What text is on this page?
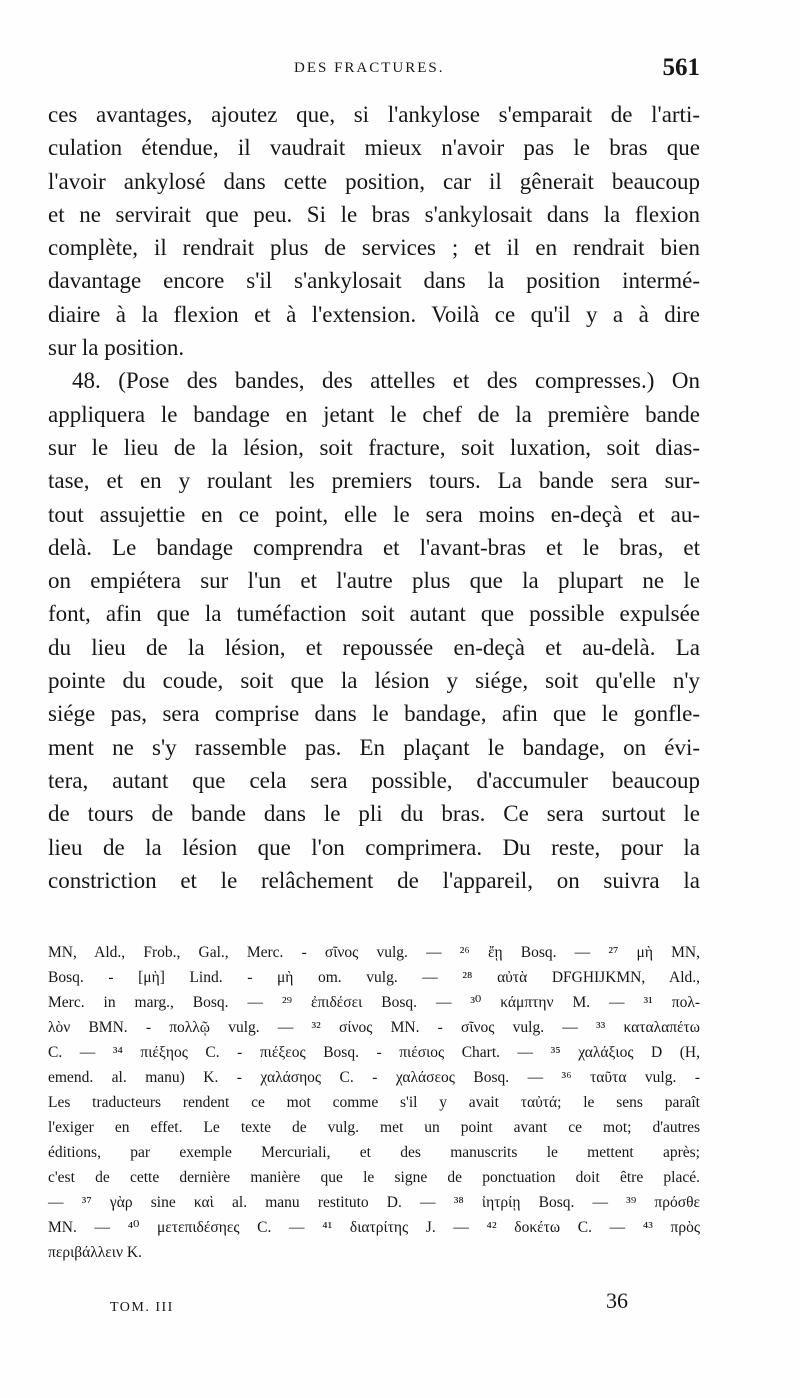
DES FRACTURES.	561
ces avantages, ajoutez que, si l'ankylose s'emparait de l'arti-
culation étendue, il vaudrait mieux n'avoir pas le bras que
l'avoir ankylosé dans cette position, car il gênerait beaucoup
et ne servirait que peu. Si le bras s'ankylosait dans la flexion
complète, il rendrait plus de services ; et il en rendrait bien
davantage encore s'il s'ankylosait dans la position intermé-
diaire à la flexion et à l'extension. Voilà ce qu'il y a à dire
sur la position.
48. (Pose des bandes, des attelles et des compresses.) On
appliquera le bandage en jetant le chef de la première bande
sur le lieu de la lésion, soit fracture, soit luxation, soit dias-
tase, et en y roulant les premiers tours. La bande sera sur-
tout assujettie en ce point, elle le sera moins en-deçà et au-
delà. Le bandage comprendra et l'avant-bras et le bras, et
on empiétera sur l'un et l'autre plus que la plupart ne le
font, afin que la tuméfaction soit autant que possible expulsée
du lieu de la lésion, et repoussée en-deçà et au-delà. La
pointe du coude, soit que la lésion y siége, soit qu'elle n'y
siége pas, sera comprise dans le bandage, afin que le gonfle-
ment ne s'y rassemble pas. En plaçant le bandage, on évi-
tera, autant que cela sera possible, d'accumuler beaucoup
de tours de bande dans le pli du bras. Ce sera surtout le
lieu de la lésion que l'on comprimera. Du reste, pour la
constriction et le relâchement de l'appareil, on suivra la
MN, Ald., Frob., Gal., Merc. - σῖνος vulg. — ²⁶ ἔῃ Bosq. — ²⁷ μὴ MN,
Bosq. - [μὴ] Lind. - μὴ om. vulg. — ²⁸ αὐτὰ DFGHIJKMN, Ald.,
Merc. in marg., Bosq. — ²⁹ ἐπιδέσει Bosq. — ³⁰ κάμπτην M. — ³¹ πολ-
λὸν BMN. - πολλῷ vulg. — ³² σίνος MN. - σῖνος vulg. — ³³ καταλαπέτω
C. — ³⁴ πιέξηος C. - πιέξεος Bosq. - πιέσιος Chart. — ³⁵ χαλάξιος D (H,
emend. al. manu) K. - χαλάσηος C. - χαλάσεος Bosq. — ³⁶ ταῦτα vulg. -
Les traducteurs rendent ce mot comme s'il y avait ταὐτά; le sens paraît
l'exiger en effet. Le texte de vulg. met un point avant ce mot; d'autres
éditions, par exemple Mercuriali, et des manuscrits le mettent après;
c'est de cette dernière manière que le signe de ponctuation doit être placé.
— ³⁷ γὰρ sine καὶ al. manu restituto D. — ³⁸ ἰητρίῃ Bosq. — ³⁹ πρόσθε
MN. — ⁴⁰ μετεπιδέσηες C. — ⁴¹ διατρίτης J. — ⁴² δοκέτω C. — ⁴³ πρὸς
περιβάλλειν K.
TOM. III	36
